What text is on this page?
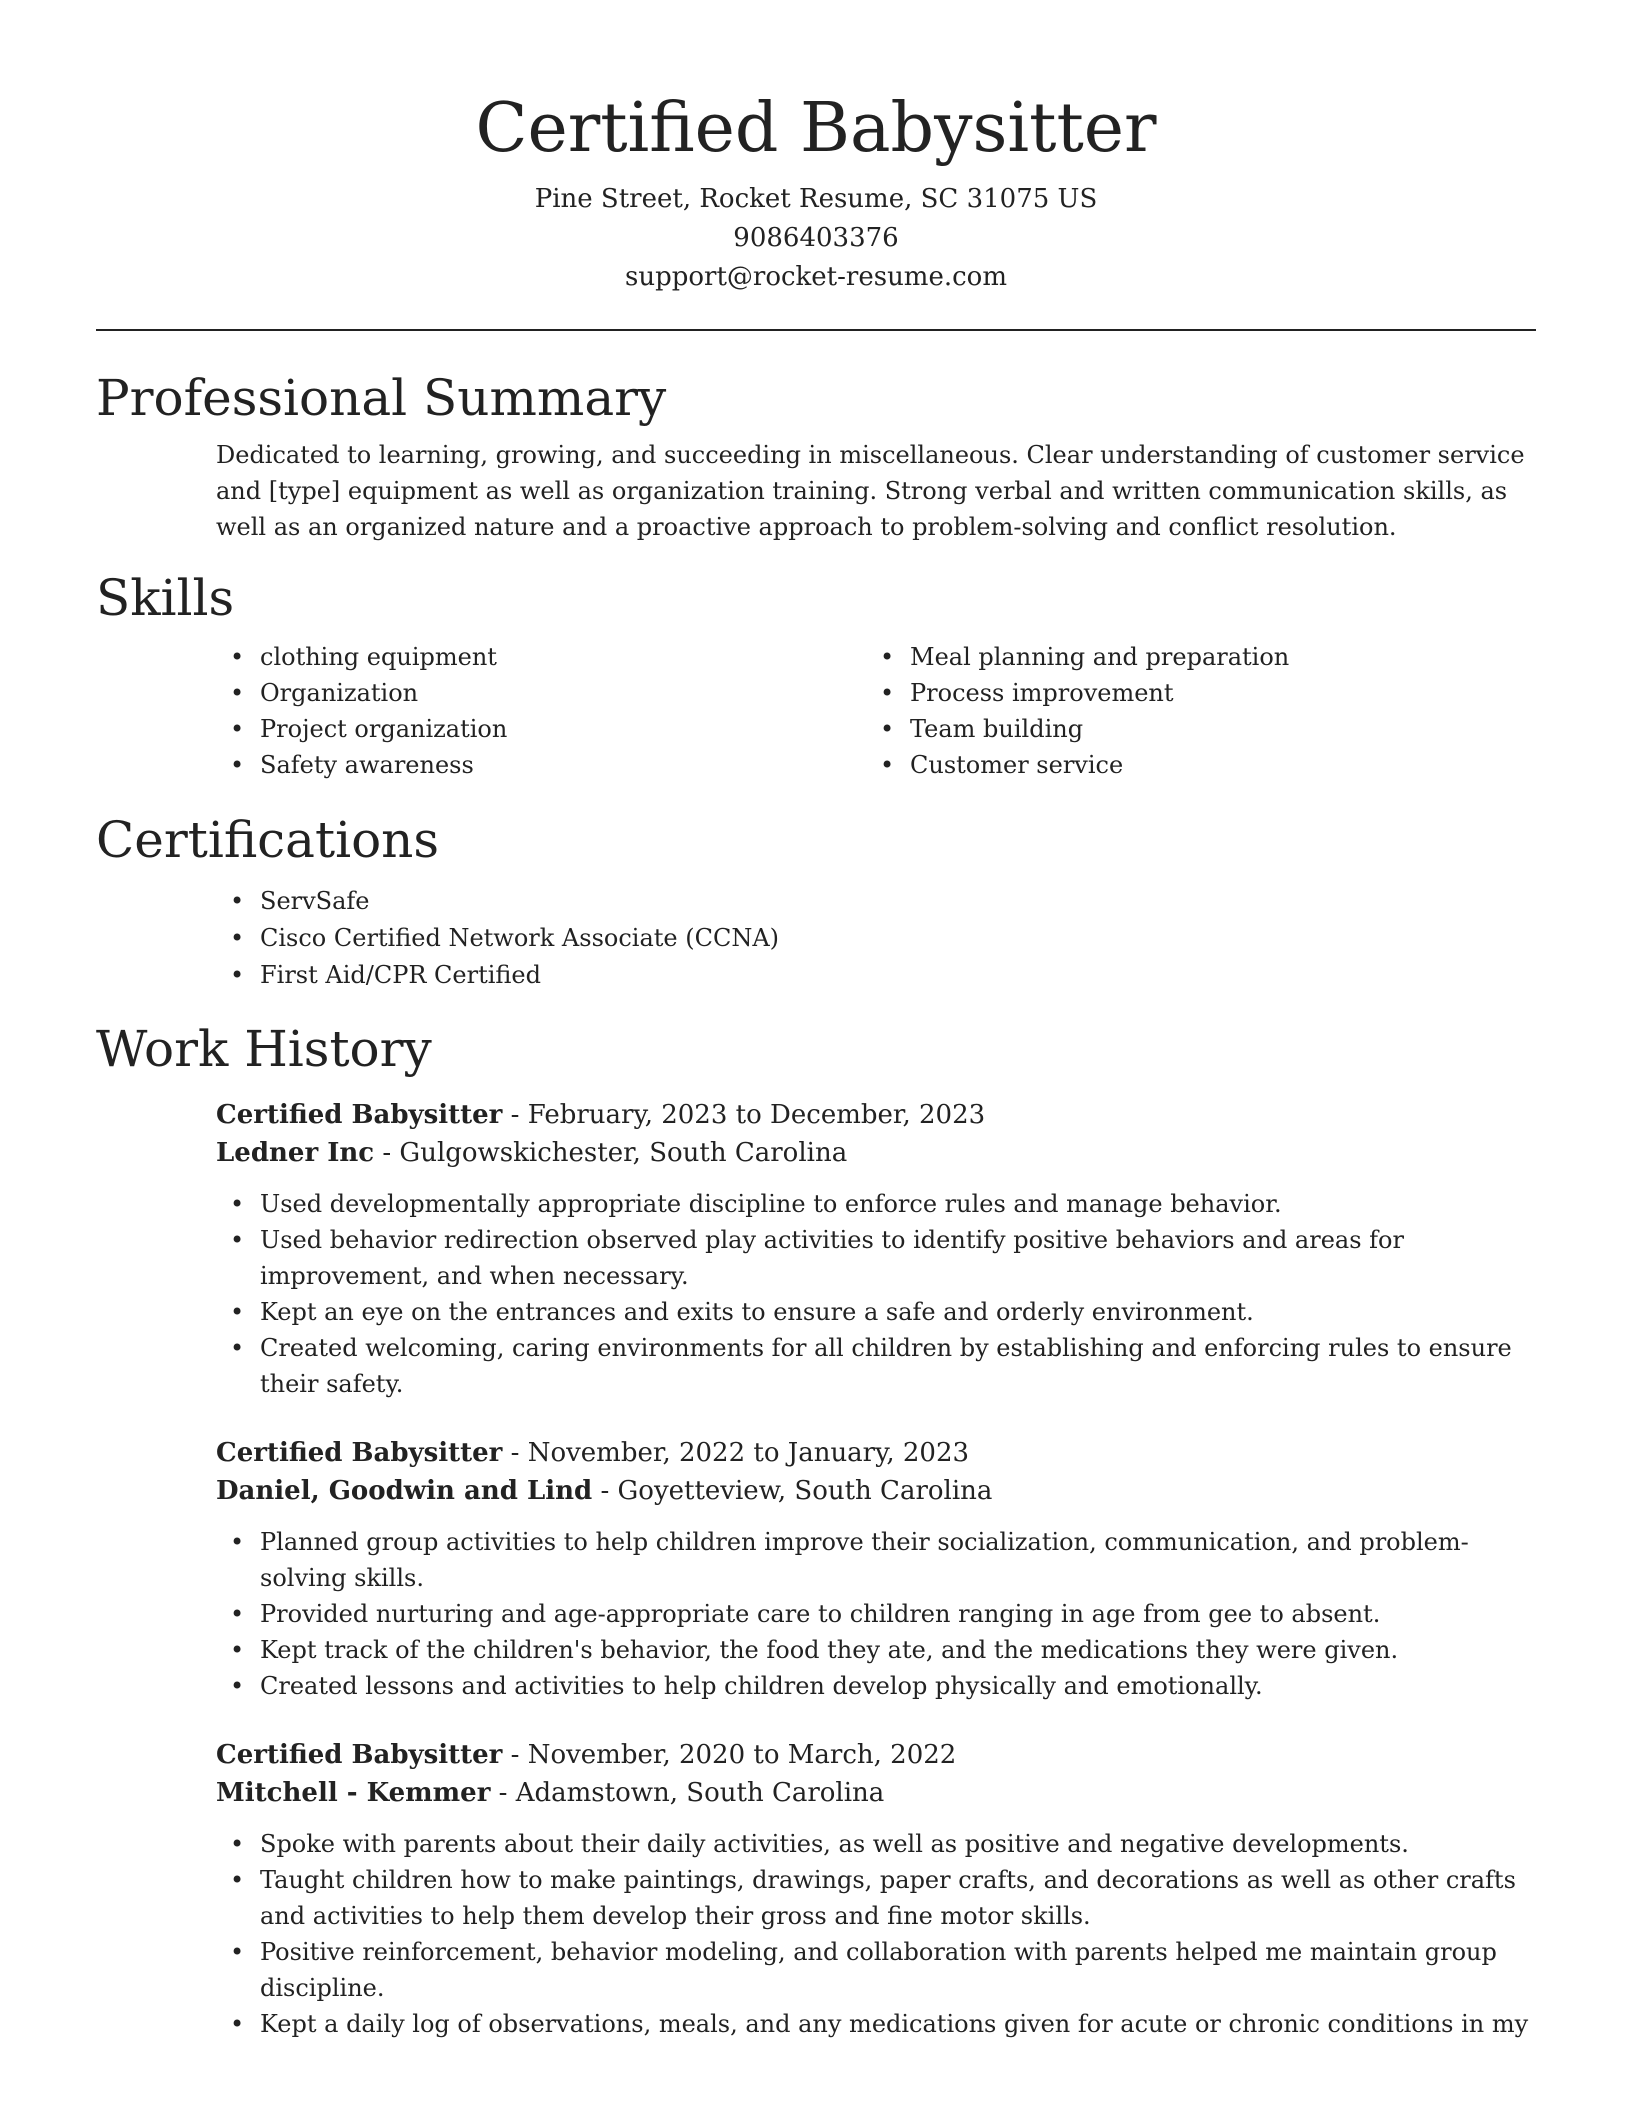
Certified Babysitter
Pine Street, Rocket Resume, SC 31075 US
9086403376
support@rocket-resume.com
Professional Summary

Dedicated to learning, growing, and succeeding in miscellaneous. Clear understanding of customer service and [type] equipment as well as organization training. Strong verbal and written communication skills, as well as an organized nature and a proactive approach to problem-solving and conflict resolution.

Skills
• clothing equipment
• Organization
• Project organization
• Safety awareness
• Meal planning and preparation
• Process improvement
• Team building
• Customer service
Certifications
• ServSafe
• Cisco Certified Network Associate (CCNA)
• First Aid/CPR Certified
Work History
Certified Babysitter - February, 2023 to December, 2023
Ledner Inc - Gulgowskichester, South Carolina
• Used developmentally appropriate discipline to enforce rules and manage behavior.
• Used behavior redirection observed play activities to identify positive behaviors and areas for improvement, and when necessary.
• Kept an eye on the entrances and exits to ensure a safe and orderly environment.
• Created welcoming, caring environments for all children by establishing and enforcing rules to ensure their safety.
Certified Babysitter - November, 2022 to January, 2023
Daniel, Goodwin and Lind - Goyetteview, South Carolina
• Planned group activities to help children improve their socialization, communication, and problem-solving skills.
• Provided nurturing and age-appropriate care to children ranging in age from gee to absent.
• Kept track of the children's behavior, the food they ate, and the medications they were given.
• Created lessons and activities to help children develop physically and emotionally.
Certified Babysitter - November, 2020 to March, 2022
Mitchell - Kemmer - Adamstown, South Carolina
• Spoke with parents about their daily activities, as well as positive and negative developments.
• Taught children how to make paintings, drawings, paper crafts, and decorations as well as other crafts and activities to help them develop their gross and fine motor skills.
• Positive reinforcement, behavior modeling, and collaboration with parents helped me maintain group discipline.
• Kept a daily log of observations, meals, and any medications given for acute or chronic conditions in my
